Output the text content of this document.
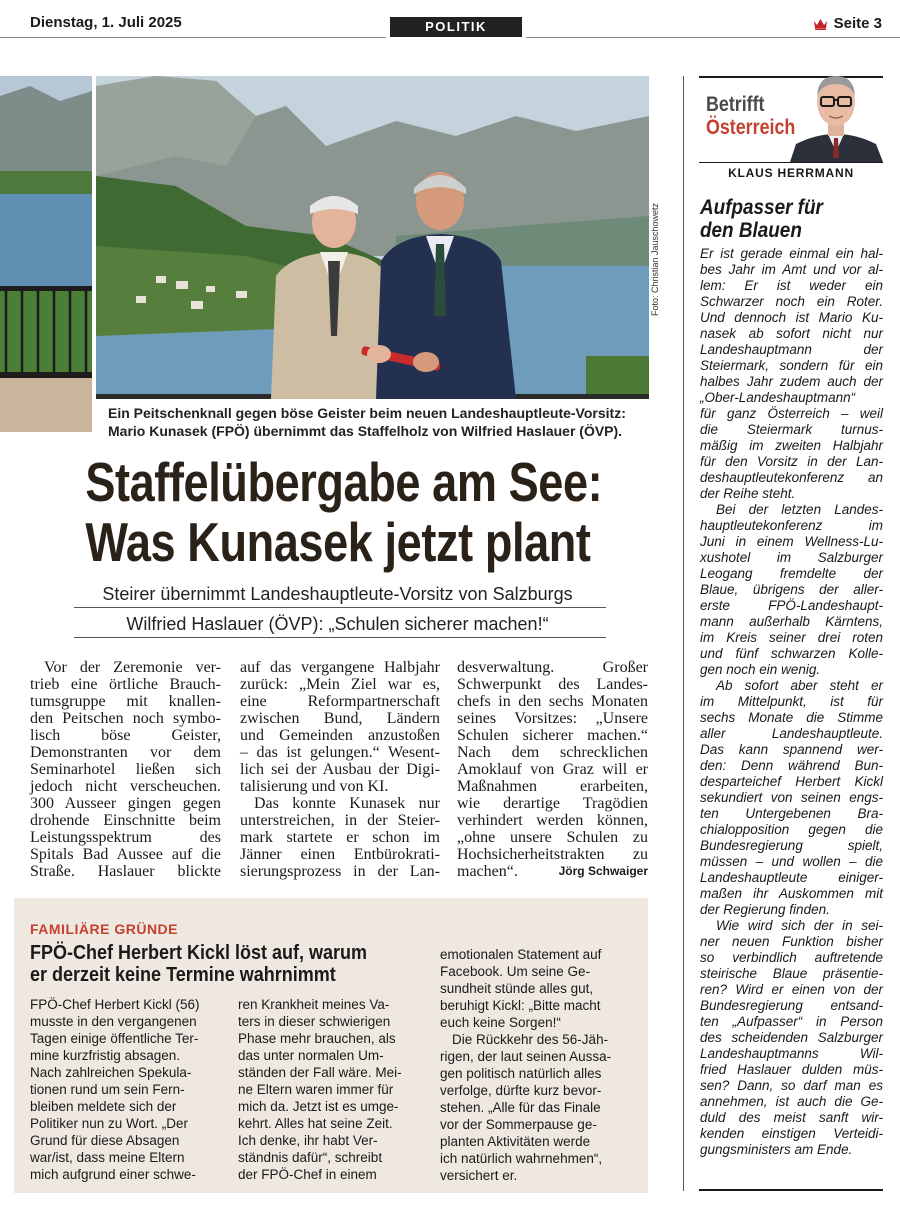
Dienstag, 1. Juli 2025	POLITIK	Seite 3
Foto: Christian Jauschowetz
Ein Peitschenknall gegen böse Geister beim neuen Landeshauptleute-Vorsitz:
Mario Kunasek (FPÖ) übernimmt das Staffelholz von Wilfried Haslauer (ÖVP).
Staffelübergabe am See:
Was Kunasek jetzt plant
Steirer übernimmt Landeshauptleute-Vorsitz von Salzburgs
Wilfried Haslauer (ÖVP): „Schulen sicherer machen!“
Vor der Zeremonie ver-
trieb eine örtliche Brauch-
tumsgruppe mit knallen-
den Peitschen noch symbo-
lisch böse Geister,
Demonstranten vor dem
Seminarhotel ließen sich
jedoch nicht verscheuchen.
300 Ausseer gingen gegen
drohende Einschnitte beim
Leistungsspektrum des
Spitals Bad Aussee auf die
Straße. Haslauer blickte
auf das vergangene Halbjahr
zurück: „Mein Ziel war es,
eine Reformpartnerschaft
zwischen Bund, Ländern
und Gemeinden anzustoßen
– das ist gelungen.“ Wesent-
lich sei der Ausbau der Digi-
talisierung und von KI.
Das konnte Kunasek nur
unterstreichen, in der Steier-
mark startete er schon im
Jänner einen Entbürokrati-
sierungsprozess in der Lan-
desverwaltung. Großer
Schwerpunkt des Landes-
chefs in den sechs Monaten
seines Vorsitzes: „Unsere
Schulen sicherer machen.“
Nach dem schrecklichen
Amoklauf von Graz will er
Maßnahmen erarbeiten,
wie derartige Tragödien
verhindert werden können,
„ohne unsere Schulen zu
Hochsicherheitstrakten zu
machen“.	Jörg Schwaiger
FAMILIÄRE GRÜNDE
FPÖ-Chef Herbert Kickl löst auf, warum
er derzeit keine Termine wahrnimmt
FPÖ-Chef Herbert Kickl (56)
musste in den vergangenen
Tagen einige öffentliche Ter-
mine kurzfristig absagen.
Nach zahlreichen Spekula-
tionen rund um sein Fern-
bleiben meldete sich der
Politiker nun zu Wort. „Der
Grund für diese Absagen
war/ist, dass meine Eltern
mich aufgrund einer schwe-
ren Krankheit meines Va-
ters in dieser schwierigen
Phase mehr brauchen, als
das unter normalen Um-
ständen der Fall wäre. Mei-
ne Eltern waren immer für
mich da. Jetzt ist es umge-
kehrt. Alles hat seine Zeit.
Ich denke, ihr habt Ver-
ständnis dafür“, schreibt
der FPÖ-Chef in einem
emotionalen Statement auf
Facebook. Um seine Ge-
sundheit stünde alles gut,
beruhigt Kickl: „Bitte macht
euch keine Sorgen!“
Die Rückkehr des 56-Jäh-
rigen, der laut seinen Aussa-
gen politisch natürlich alles
verfolge, dürfte kurz bevor-
stehen. „Alle für das Finale
vor der Sommerpause ge-
planten Aktivitäten werde
ich natürlich wahrnehmen“,
versichert er.
Betrifft
Österreich
KLAUS HERRMANN
Aufpasser für
den Blauen
Er ist gerade einmal ein hal-
bes Jahr im Amt und vor al-
lem: Er ist weder ein
Schwarzer noch ein Roter.
Und dennoch ist Mario Ku-
nasek ab sofort nicht nur
Landeshauptmann der
Steiermark, sondern für ein
halbes Jahr zudem auch der
„Ober-Landeshauptmann“
für ganz Österreich – weil
die Steiermark turnus-
mäßig im zweiten Halbjahr
für den Vorsitz in der Lan-
deshauptleutekonferenz an
der Reihe steht.
Bei der letzten Landes-
hauptleutekonferenz im
Juni in einem Wellness-Lu-
xushotel im Salzburger
Leogang fremdelte der
Blaue, übrigens der aller-
erste FPÖ-Landeshaupt-
mann außerhalb Kärntens,
im Kreis seiner drei roten
und fünf schwarzen Kolle-
gen noch ein wenig.
Ab sofort aber steht er
im Mittelpunkt, ist für
sechs Monate die Stimme
aller Landeshauptleute.
Das kann spannend wer-
den: Denn während Bun-
desparteichef Herbert Kickl
sekundiert von seinen engs-
ten Untergebenen Bra-
chialopposition gegen die
Bundesregierung spielt,
müssen – und wollen – die
Landeshauptleute einiger-
maßen ihr Auskommen mit
der Regierung finden.
Wie wird sich der in sei-
ner neuen Funktion bisher
so verbindlich auftretende
steirische Blaue präsentie-
ren? Wird er einen von der
Bundesregierung entsand-
ten „Aufpasser“ in Person
des scheidenden Salzburger
Landeshauptmanns Wil-
fried Haslauer dulden müs-
sen? Dann, so darf man es
annehmen, ist auch die Ge-
duld des meist sanft wir-
kenden einstigen Verteidi-
gungsministers am Ende.
